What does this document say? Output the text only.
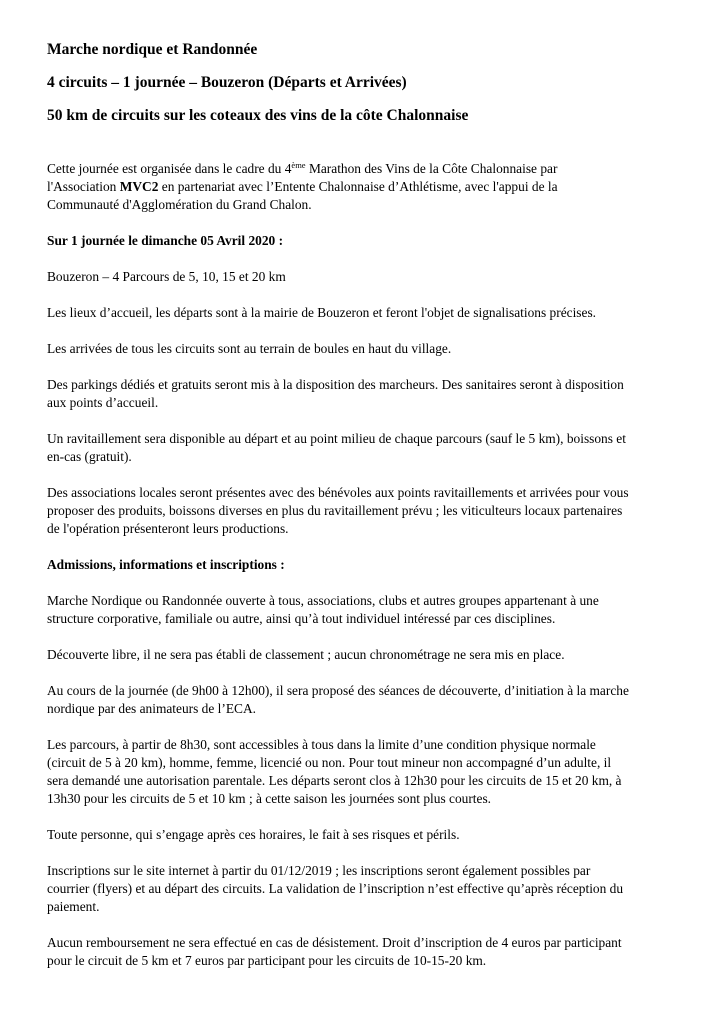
Marche nordique et Randonnée

4 circuits – 1 journée – Bouzeron (Départs et Arrivées)

50 km de circuits sur les coteaux des vins de la côte Chalonnaise

Cette journée est organisée dans le cadre du 4ème Marathon des Vins de la Côte Chalonnaise par
l'Association MVC2 en partenariat avec l’Entente Chalonnaise d’Athlétisme, avec l'appui de la
Communauté d'Agglomération du Grand Chalon.

Sur 1 journée le dimanche 05 Avril 2020 :

Bouzeron – 4 Parcours de 5, 10, 15 et 20 km

Les lieux d’accueil, les départs sont à la mairie de Bouzeron et feront l'objet de signalisations précises.

Les arrivées de tous les circuits sont au terrain de boules en haut du village.

Des parkings dédiés et gratuits seront mis à la disposition des marcheurs. Des sanitaires seront à disposition
aux points d’accueil.

Un ravitaillement sera disponible au départ et au point milieu de chaque parcours (sauf le 5 km), boissons et
en-cas (gratuit).

Des associations locales seront présentes avec des bénévoles aux points ravitaillements et arrivées pour vous
proposer des produits, boissons diverses en plus du ravitaillement prévu ; les viticulteurs locaux partenaires
de l'opération présenteront leurs productions.

Admissions, informations et inscriptions :

Marche Nordique ou Randonnée ouverte à tous, associations, clubs et autres groupes appartenant à une
structure corporative, familiale ou autre, ainsi qu’à tout individuel intéressé par ces disciplines.

Découverte libre, il ne sera pas établi de classement ; aucun chronométrage ne sera mis en place.

Au cours de la journée (de 9h00 à 12h00), il sera proposé des séances de découverte, d’initiation à la marche
nordique par des animateurs de l’ECA.

Les parcours, à partir de 8h30, sont accessibles à tous dans la limite d’une condition physique normale
(circuit de 5 à 20 km), homme, femme, licencié ou non. Pour tout mineur non accompagné d’un adulte, il
sera demandé une autorisation parentale. Les départs seront clos à 12h30 pour les circuits de 15 et 20 km, à
13h30 pour les circuits de 5 et 10 km ; à cette saison les journées sont plus courtes.

Toute personne, qui s’engage après ces horaires, le fait à ses risques et périls.

Inscriptions sur le site internet à partir du 01/12/2019 ; les inscriptions seront également possibles par
courrier (flyers) et au départ des circuits. La validation de l’inscription n’est effective qu’après réception du
paiement.

Aucun remboursement ne sera effectué en cas de désistement. Droit d’inscription de 4 euros par participant
pour le circuit de 5 km et 7 euros par participant pour les circuits de 10-15-20 km.
